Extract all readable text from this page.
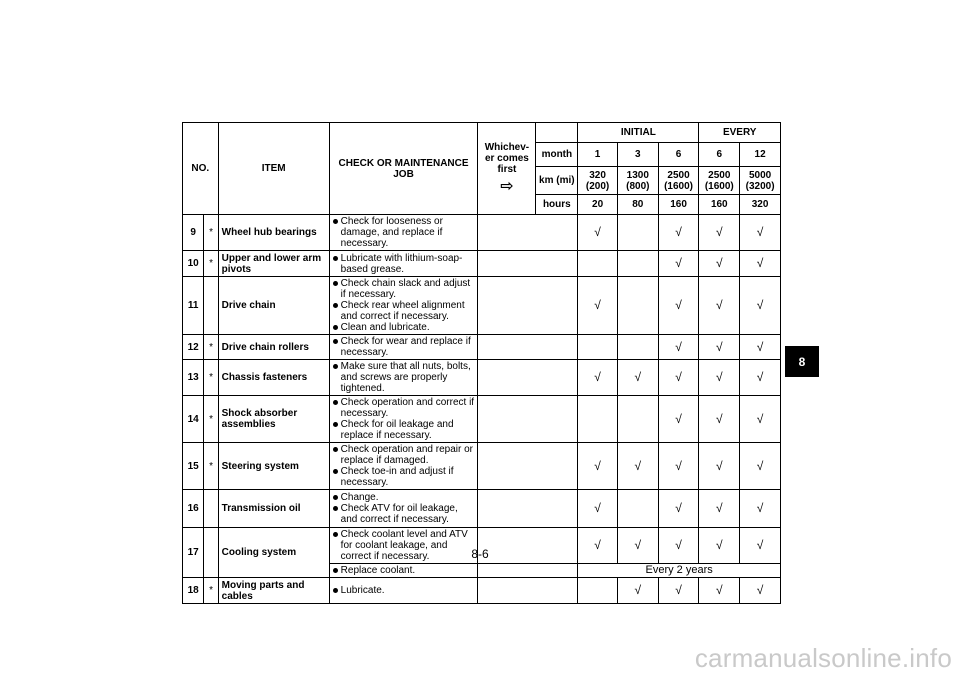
NO.		ITEM	CHECK OR MAINTENANCE JOB	Whichev-er comes first
⇨		INITIAL			EVERY	
					month	1	3	6	6	12
					km (mi)	320 (200)	1300 (800)	2500 (1600)	2500 (1600)	5000 (3200)
					hours	20	80	160	160	320
9	*	Wheel hub bearings	Check for looseness or damage, and replace if necessary.			√		√	√	√
10	*	Upper and lower arm pivots	Lubricate with lithium-soap-based grease.					√	√	√
11		Drive chain	Check chain slack and adjust if necessary.
Check rear wheel alignment and correct if necessary.
Clean and lubricate.			√		√	√	√
12	*	Drive chain rollers	Check for wear and replace if necessary.					√	√	√
13	*	Chassis fasteners	Make sure that all nuts, bolts, and screws are properly tightened.			√	√	√	√	√
14	*	Shock absorber assemblies	Check operation and correct if necessary.
Check for oil leakage and replace if necessary.					√	√	√
15	*	Steering system	Check operation and repair or replace if damaged.
Check toe-in and adjust if necessary.			√	√	√	√	√
16		Transmission oil	Change.
Check ATV for oil leakage, and correct if necessary.			√		√	√	√
17		Cooling system	Check coolant level and ATV for coolant leakage, and correct if necessary.			√	√	√	√	√

			Replace coolant.			Every 2 years				
18	*	Moving parts and cables	Lubricate.				√	√	√	√
8
8-6
carmanualsonline.info
